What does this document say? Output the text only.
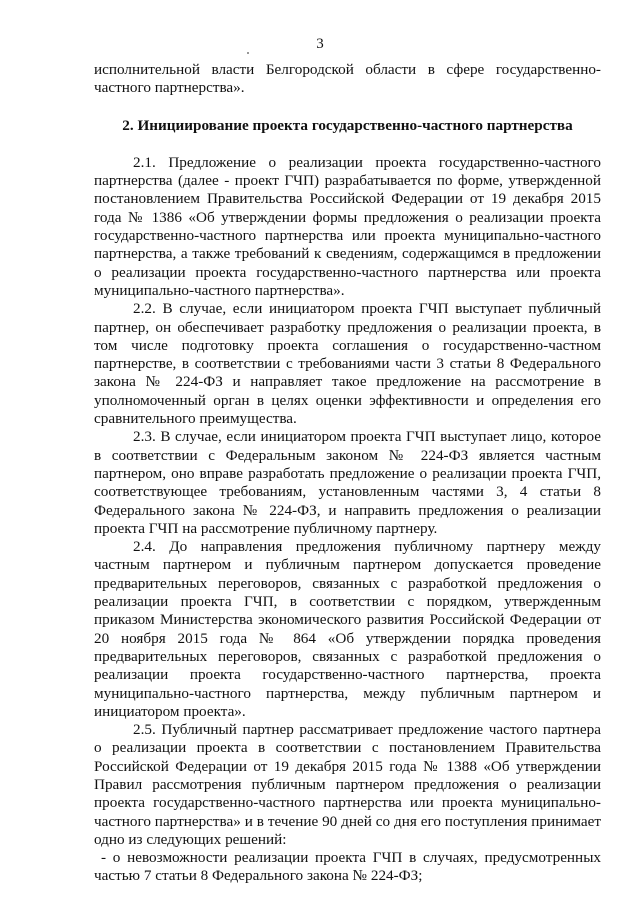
3

исполнительной власти Белгородской области в сфере государственно-частного партнерства».

2. Инициирование проекта государственно-частного партнерства

2.1. Предложение о реализации проекта государственно-частного партнерства (далее - проект ГЧП) разрабатывается по форме, утвержденной постановлением Правительства Российской Федерации от 19 декабря 2015 года № 1386 «Об утверждении формы предложения о реализации проекта государственно-частного партнерства или проекта муниципально-частного партнерства, а также требований к сведениям, содержащимся в предложении о реализации проекта государственно-частного партнерства или проекта муниципально-частного партнерства».

2.2. В случае, если инициатором проекта ГЧП выступает публичный партнер, он обеспечивает разработку предложения о реализации проекта, в том числе подготовку проекта соглашения о государственно-частном партнерстве, в соответствии с требованиями части 3 статьи 8 Федерального закона № 224-ФЗ и направляет такое предложение на рассмотрение в уполномоченный орган в целях оценки эффективности и определения его сравнительного преимущества.

2.3. В случае, если инициатором проекта ГЧП выступает лицо, которое в соответствии с Федеральным законом № 224-ФЗ является частным партнером, оно вправе разработать предложение о реализации проекта ГЧП, соответствующее требованиям, установленным частями 3, 4 статьи 8 Федерального закона № 224-ФЗ, и направить предложения о реализации проекта ГЧП на рассмотрение публичному партнеру.

2.4. До направления предложения публичному партнеру между частным партнером и публичным партнером допускается проведение предварительных переговоров, связанных с разработкой предложения о реализации проекта ГЧП, в соответствии с порядком, утвержденным приказом Министерства экономического развития Российской Федерации от 20 ноября 2015 года № 864 «Об утверждении порядка проведения предварительных переговоров, связанных с разработкой предложения о реализации проекта государственно-частного партнерства, проекта муниципально-частного партнерства, между публичным партнером и инициатором проекта».

2.5. Публичный партнер рассматривает предложение частого партнера о реализации проекта в соответствии с постановлением Правительства Российской Федерации от 19 декабря 2015 года № 1388 «Об утверждении Правил рассмотрения публичным партнером предложения о реализации проекта государственно-частного партнерства или проекта муниципально-частного партнерства» и в течение 90 дней со дня его поступления принимает одно из следующих решений:

- о невозможности реализации проекта ГЧП в случаях, предусмотренных частью 7 статьи 8 Федерального закона № 224-ФЗ;
